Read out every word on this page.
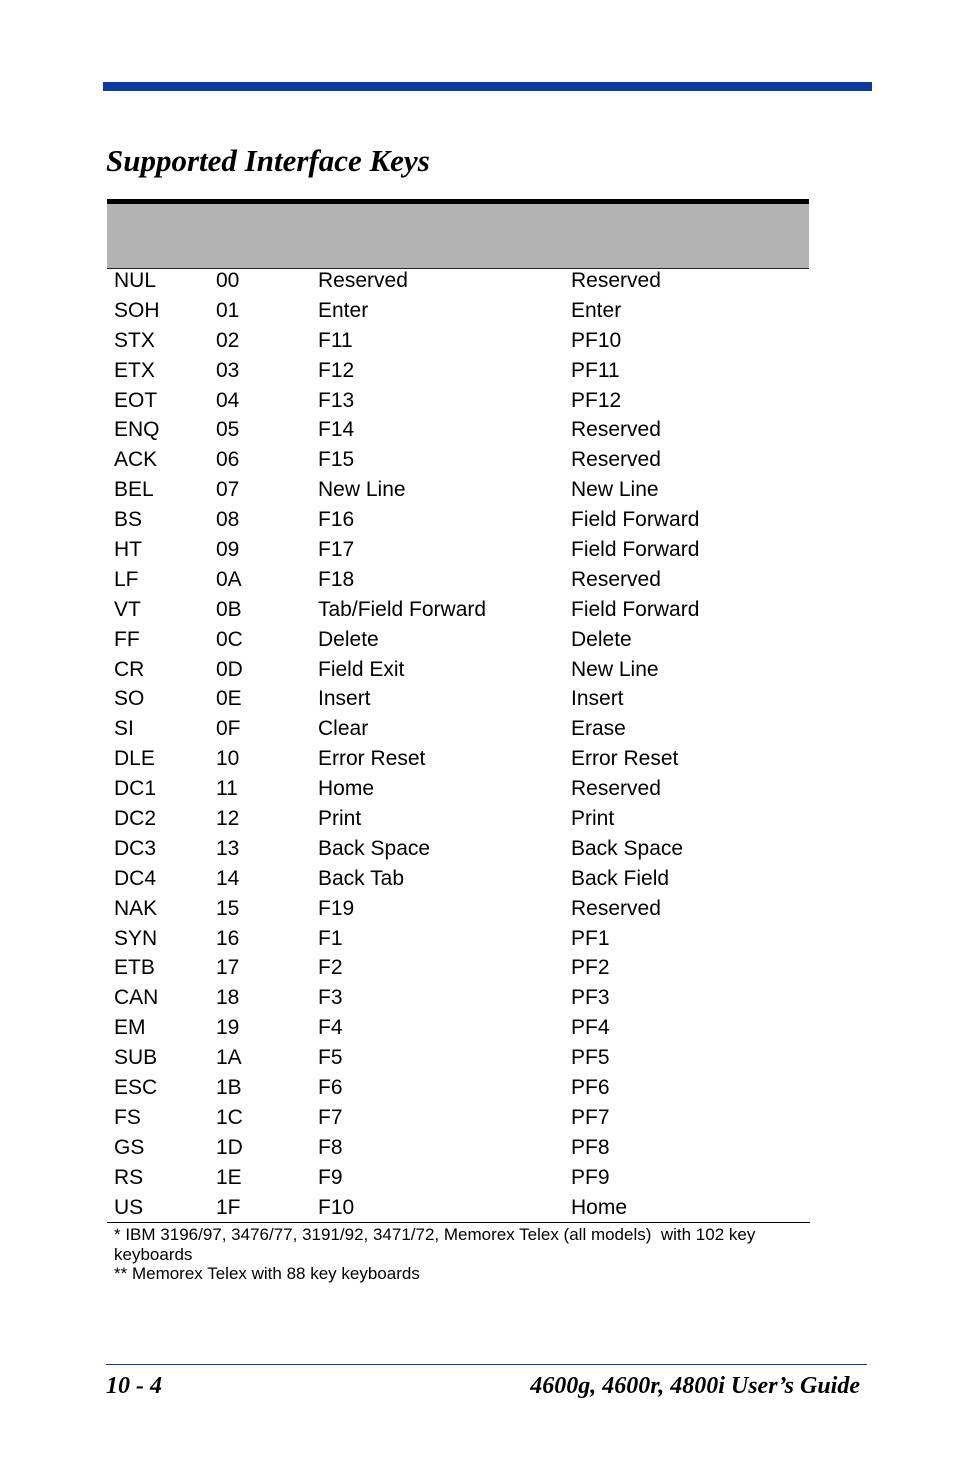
Supported Interface Keys
NUL	00	Reserved	Reserved
SOH	01	Enter	Enter
STX	02	F11	PF10
ETX	03	F12	PF11
EOT	04	F13	PF12
ENQ	05	F14	Reserved
ACK	06	F15	Reserved
BEL	07	New Line	New Line
BS	08	F16	Field Forward
HT	09	F17	Field Forward
LF	0A	F18	Reserved
VT	0B	Tab/Field Forward	Field Forward
FF	0C	Delete	Delete
CR	0D	Field Exit	New Line
SO	0E	Insert	Insert
SI	0F	Clear	Erase
DLE	10	Error Reset	Error Reset
DC1	11	Home	Reserved
DC2	12	Print	Print
DC3	13	Back Space	Back Space
DC4	14	Back Tab	Back Field
NAK	15	F19	Reserved
SYN	16	F1	PF1
ETB	17	F2	PF2
CAN	18	F3	PF3
EM	19	F4	PF4
SUB	1A	F5	PF5
ESC	1B	F6	PF6
FS	1C	F7	PF7
GS	1D	F8	PF8
RS	1E	F9	PF9
US	1F	F10	Home
* IBM 3196/97, 3476/77, 3191/92, 3471/72, Memorex Telex (all models)  with 102 key keyboards
** Memorex Telex with 88 key keyboards
10 - 4	4600g, 4600r, 4800i User’s Guide
